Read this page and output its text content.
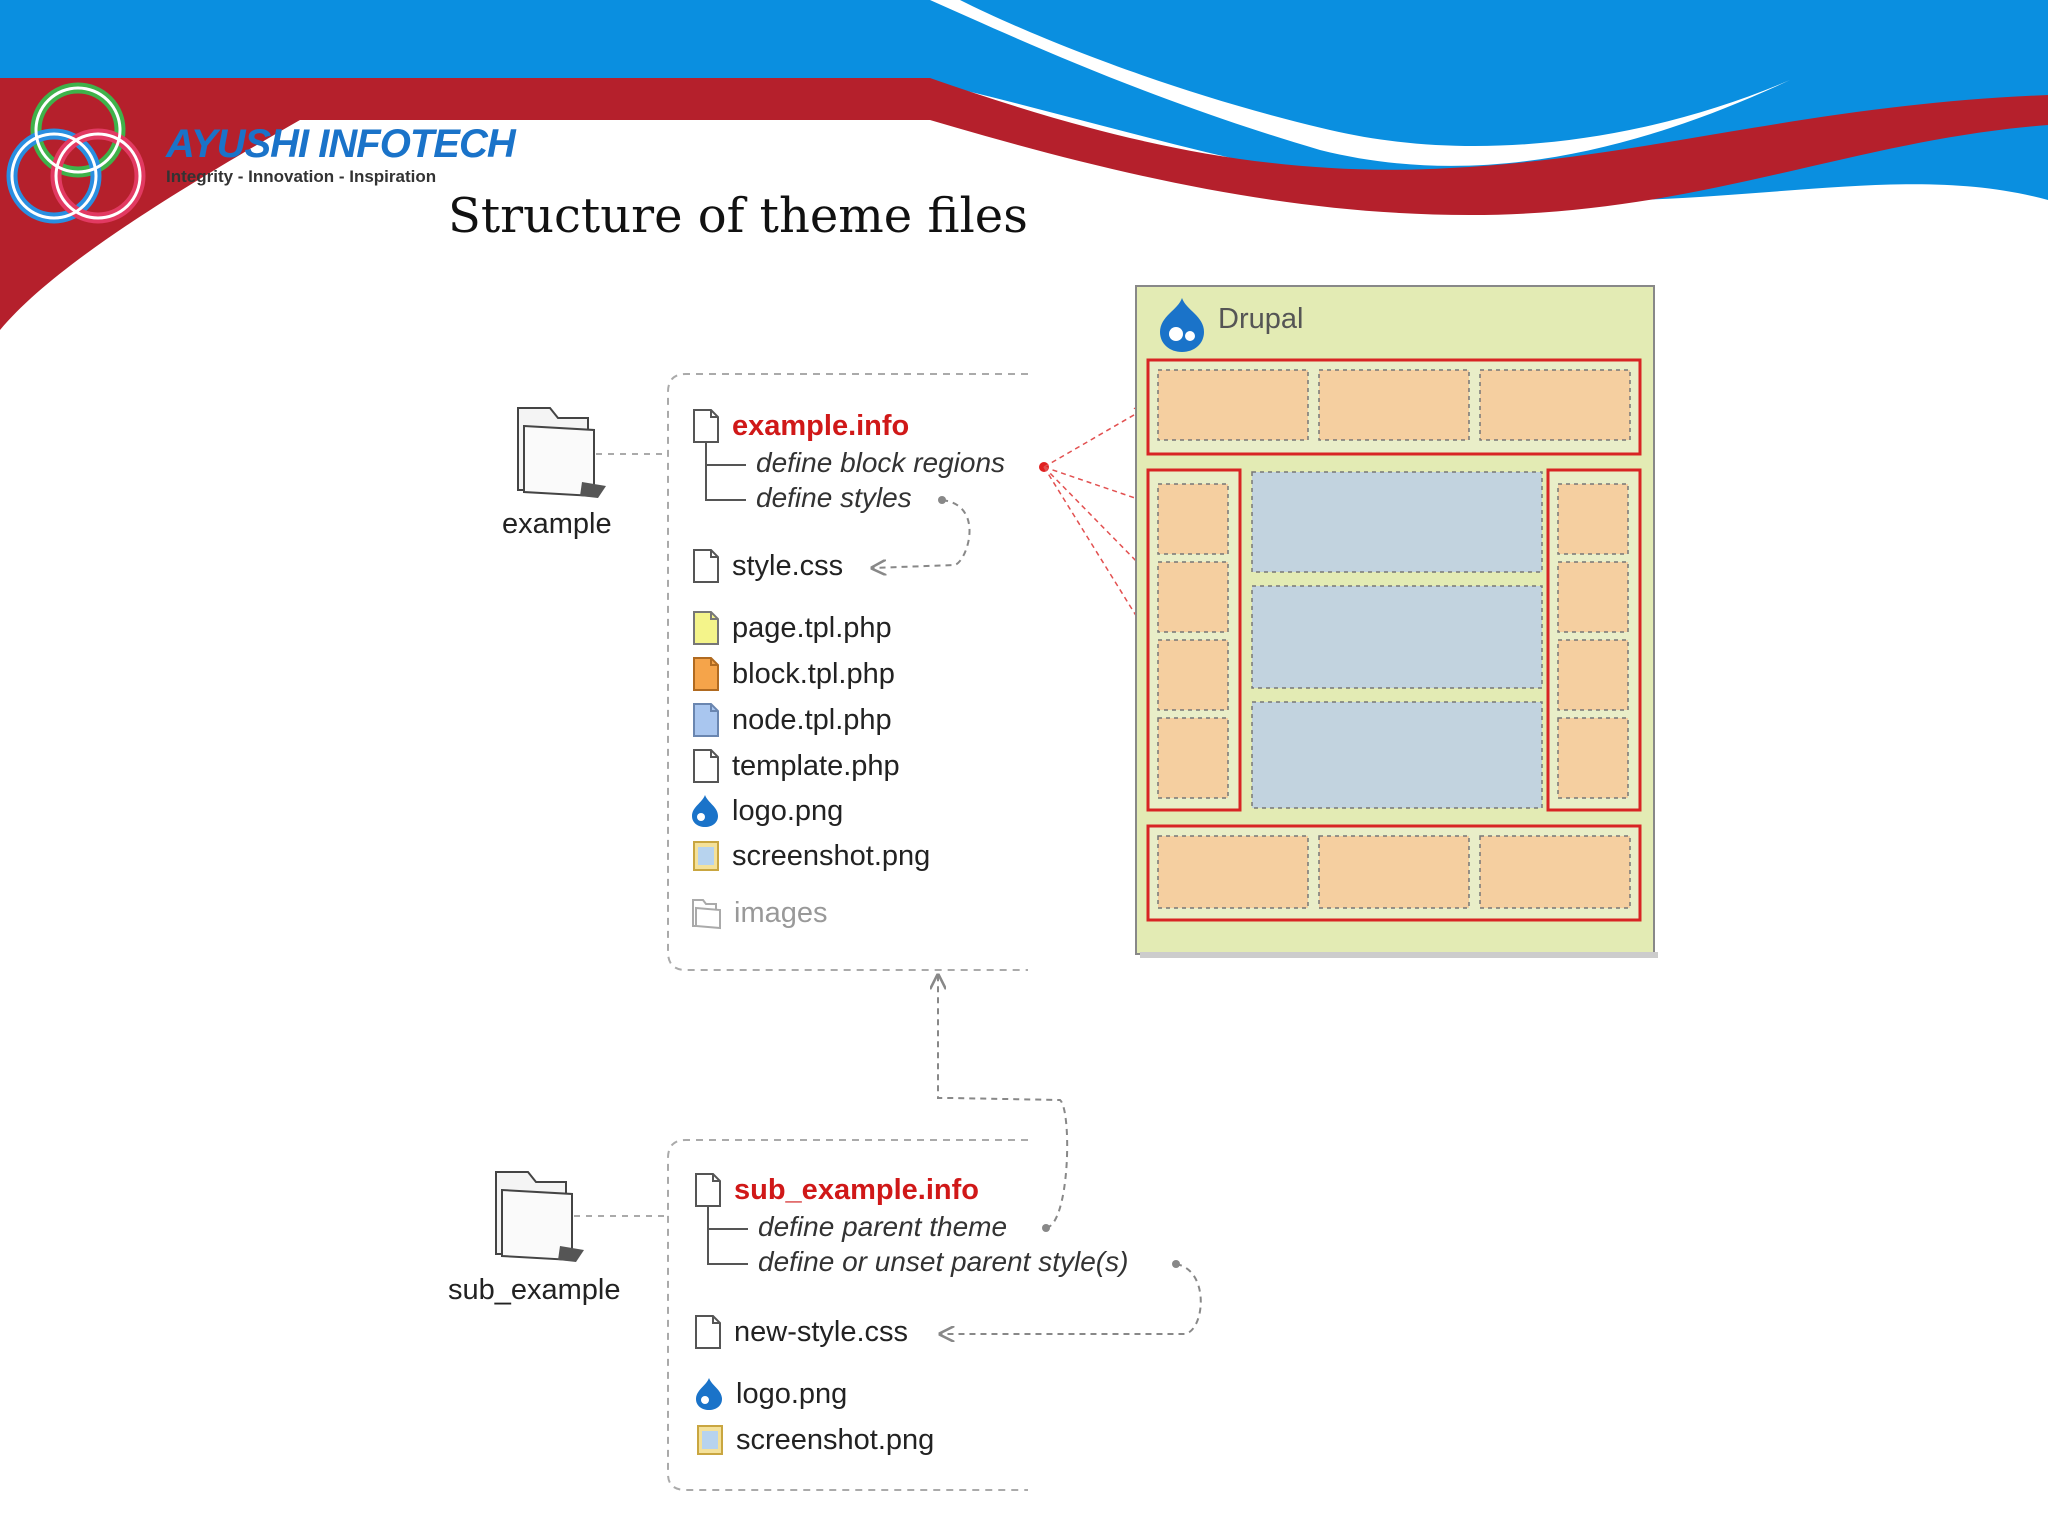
AYUSHI INFOTECH
Integrity - Innovation - Inspiration
Structure of theme files
example
sub_example
example.info
define block regions
define styles
style.css
page.tpl.php
block.tpl.php
node.tpl.php
template.php
logo.png
screenshot.png
images
sub_example.info
define parent theme
define or unset parent style(s)
new-style.css
logo.png
screenshot.png
Drupal
